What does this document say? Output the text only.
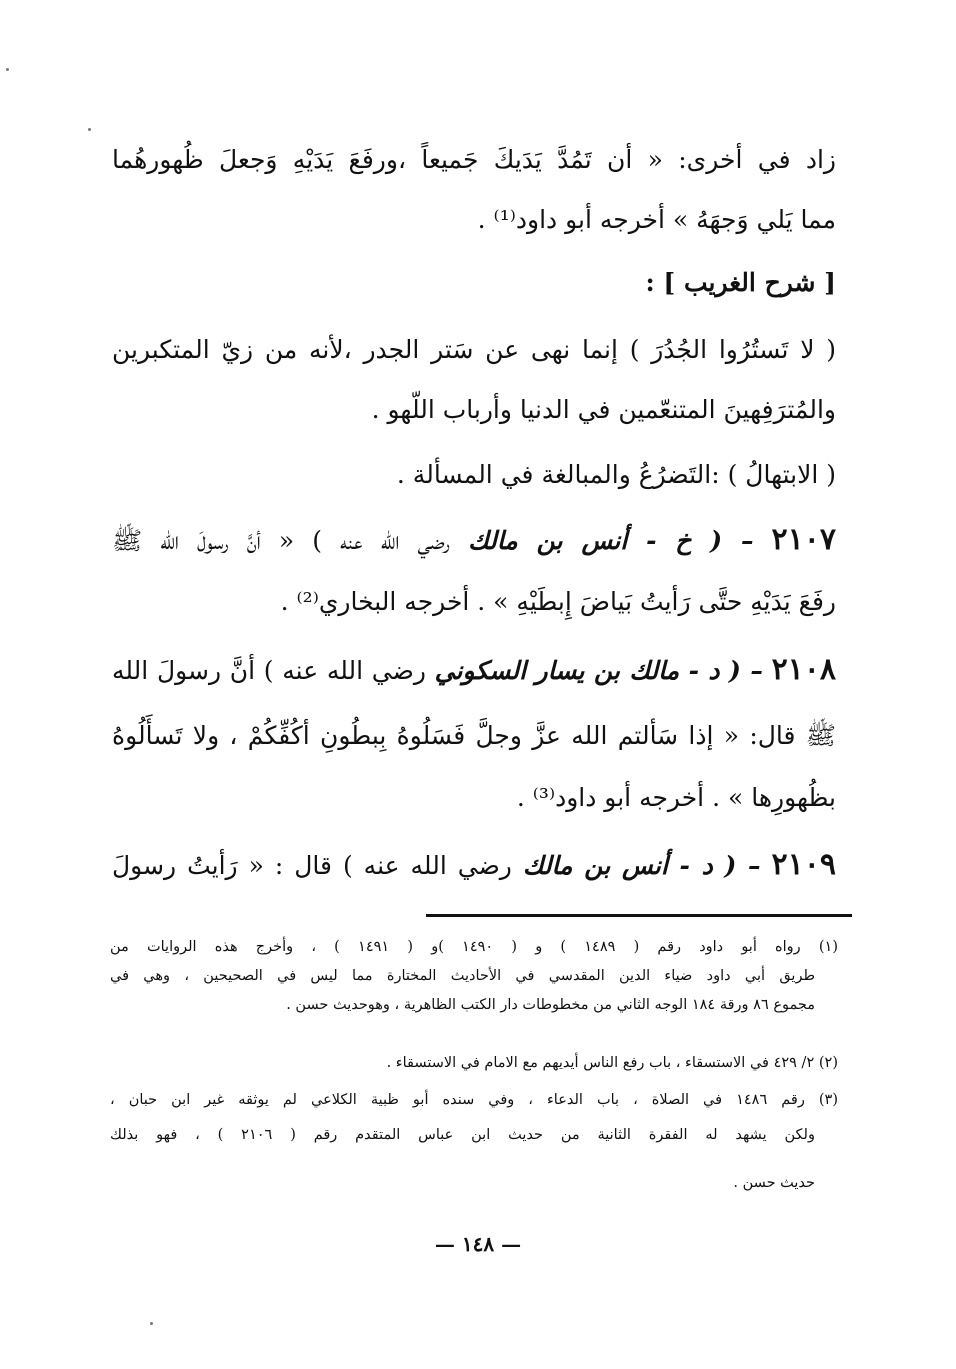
زاد في أخرى: « أن تَمُدَّ يَدَيكَ جَميعاً ،ورفَعَ يَدَيْهِ وَجعلَ ظُهورهُما
مما يَلي وَجهَهُ » أخرجه أبو داود⁽¹⁾ .
[ شرح الغريب ] :
( لا تَستُرُوا الجُدُرَ ) إنما نهى عن سَتر الجدر ،لأنه من زيّ المتكبرين
والمُترَفِهينَ المتنعّمين في الدنيا وأرباب اللّهو .
( الابتهالُ ) :التَضرُعُ والمبالغة في المسألة .
٢١٠٧ – ( خ - أنس بن مالك رضي الله عنه ) « أنَّ رسولَ الله ﷺ
رفَعَ يَدَيْهِ حتَّى رَأيتُ بَياضَ إِبطَيْهِ » . أخرجه البخاري⁽²⁾ .
٢١٠٨ – ( د - مالك بن يسار السكوني رضي الله عنه ) أنَّ رسولَ الله
ﷺ قال: « إذا سَألتم الله عزَّ وجلَّ فَسَلُوهُ بِبطُونِ أكُفِّكُمْ ، ولا تَسأَلُوهُ
بظُهورِها » . أخرجه أبو داود⁽³⁾ .
٢١٠٩ – ( د - أنس بن مالك رضي الله عنه ) قال : « رَأيتُ رسولَ
(١) رواه أبو داود رقم ( ١٤٨٩ ) و ( ١٤٩٠ )و ( ١٤٩١ ) ، وأخرج هذه الروايات من
طريق أبي داود ضياء الدين المقدسي في الأحاديث المختارة مما ليس في الصحيحين ، وهي في
مجموع ٨٦ ورقة ١٨٤ الوجه الثاني من مخطوطات دار الكتب الظاهرية ، وهوحديث حسن .
(٢) ٢/ ٤٢٩ في الاستسقاء ، باب رفع الناس أيديهم مع الامام في الاستسقاء .
(٣) رقم ١٤٨٦ في الصلاة ، باب الدعاء ، وفي سنده أبو ظبية الكلاعي لم يوثقه غير ابن حبان ،
ولكن يشهد له الفقرة الثانية من حديث ابن عباس المتقدم رقم ( ٢١٠٦ ) ، فهو بذلك
حديث حسن .
— ١٤٨ —
